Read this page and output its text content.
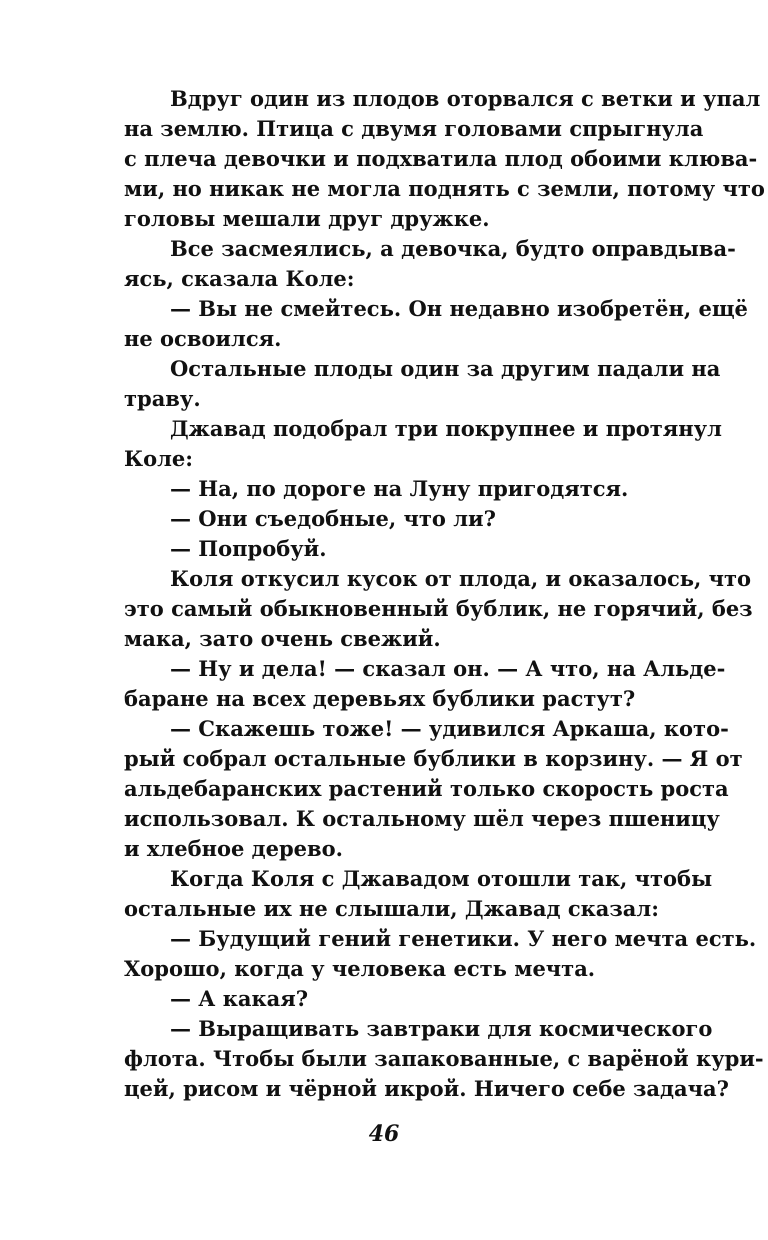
Вдруг один из плодов оторвался с ветки и упал
на землю. Птица с двумя головами спрыгнула
с плеча девочки и подхватила плод обоими клюва-
ми, но никак не могла поднять с земли, потому что
головы мешали друг дружке.
Все засмеялись, а девочка, будто оправдыва-
ясь, сказала Коле:
— Вы не смейтесь. Он недавно изобретён, ещё
не освоился.
Остальные плоды один за другим падали на
траву.
Джавад подобрал три покрупнее и протянул
Коле:
— На, по дороге на Луну пригодятся.
— Они съедобные, что ли?
— Попробуй.
Коля откусил кусок от плода, и оказалось, что
это самый обыкновенный бублик, не горячий, без
мака, зато очень свежий.
— Ну и дела! — сказал он. — А что, на Альде-
баране на всех деревьях бублики растут?
— Скажешь тоже! — удивился Аркаша, кото-
рый собрал остальные бублики в корзину. — Я от
альдебаранских растений только скорость роста
использовал. К остальному шёл через пшеницу
и хлебное дерево.
Когда Коля с Джавадом отошли так, чтобы
остальные их не слышали, Джавад сказал:
— Будущий гений генетики. У него мечта есть.
Хорошо, когда у человека есть мечта.
— А какая?
— Выращивать завтраки для космического
флота. Чтобы были запакованные, с варёной кури-
цей, рисом и чёрной икрой. Ничего себе задача?
46
